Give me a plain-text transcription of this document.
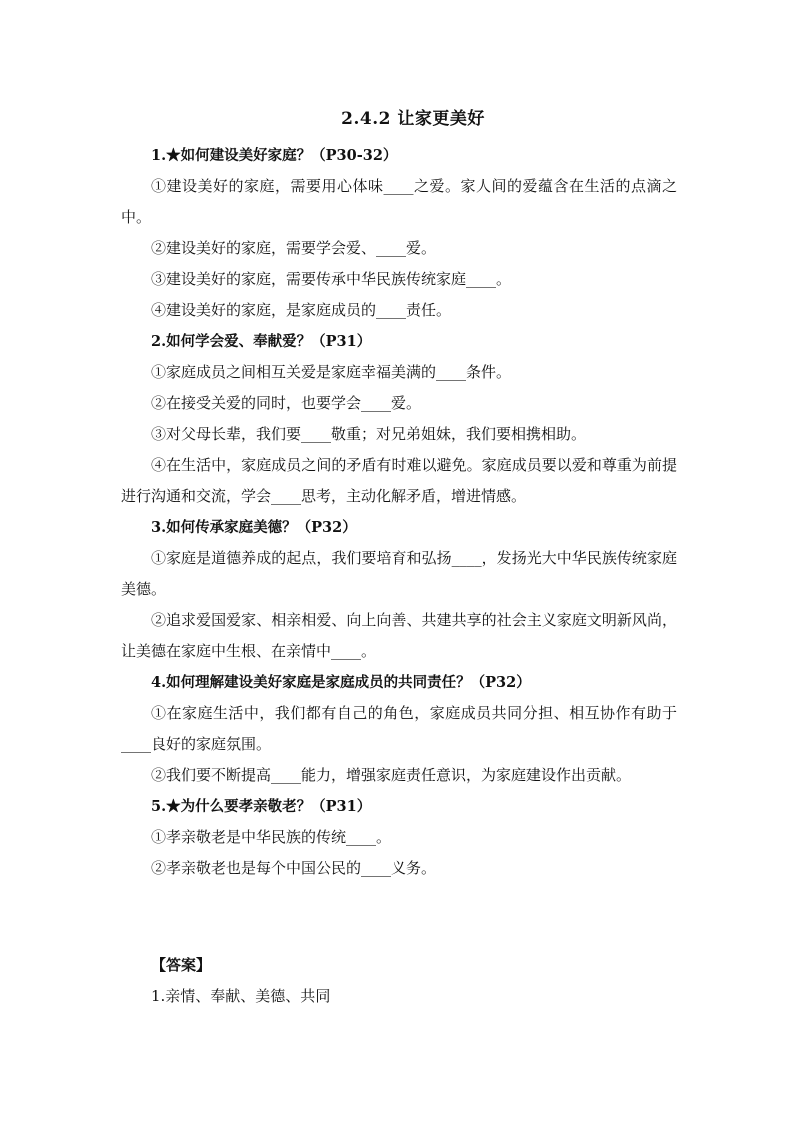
2.4.2 让家更美好

1.★如何建设美好家庭？（P30-32）

①建设美好的家庭，需要用心体味____之爱。家人间的爱蕴含在生活的点滴之中。

②建设美好的家庭，需要学会爱、____爱。

③建设美好的家庭，需要传承中华民族传统家庭____。

④建设美好的家庭，是家庭成员的____责任。

2.如何学会爱、奉献爱？（P31）

①家庭成员之间相互关爱是家庭幸福美满的____条件。

②在接受关爱的同时，也要学会____爱。

③对父母长辈，我们要____敬重；对兄弟姐妹，我们要相携相助。

④在生活中，家庭成员之间的矛盾有时难以避免。家庭成员要以爱和尊重为前提进行沟通和交流，学会____思考，主动化解矛盾，增进情感。

3.如何传承家庭美德？（P32）

①家庭是道德养成的起点，我们要培育和弘扬____，发扬光大中华民族传统家庭美德。

②追求爱国爱家、相亲相爱、向上向善、共建共享的社会主义家庭文明新风尚，让美德在家庭中生根、在亲情中____。

4.如何理解建设美好家庭是家庭成员的共同责任？（P32）

①在家庭生活中，我们都有自己的角色，家庭成员共同分担、相互协作有助于____良好的家庭氛围。

②我们要不断提高____能力，增强家庭责任意识，为家庭建设作出贡献。

5.★为什么要孝亲敬老？（P31）

①孝亲敬老是中华民族的传统____。

②孝亲敬老也是每个中国公民的____义务。

【答案】

1.亲情、奉献、美德、共同
